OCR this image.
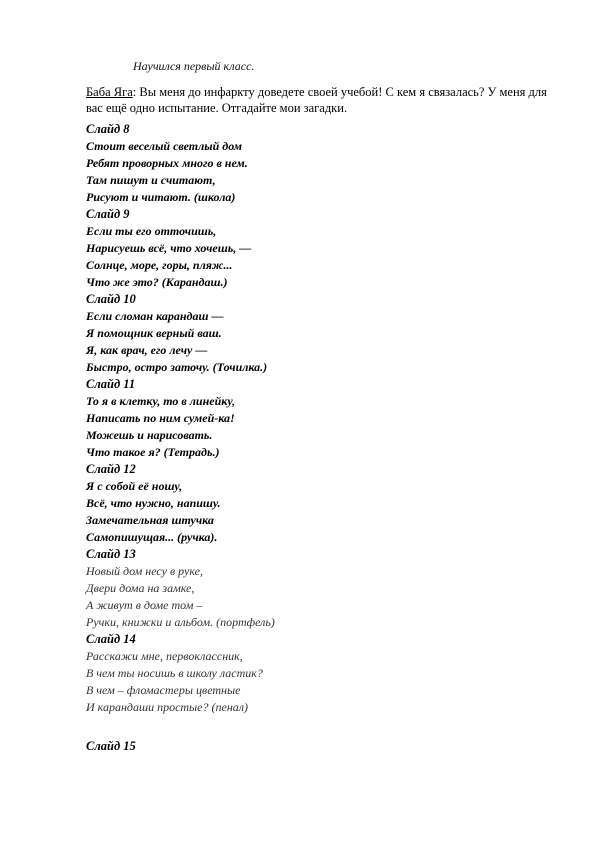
Научился первый класс.
Баба Яга: Вы меня до инфаркту доведете своей учебой! С кем я связалась? У меня для вас ещё одно испытание. Отгадайте мои загадки.
Слайд 8
Стоит веселый светлый дом
Ребят проворных много в нем.
Там пишут и считают,
Рисуют и читают. (школа)
Слайд 9
Если ты его отточишь,
Нарисуешь всё, что хочешь, —
Солнце, море, горы, пляж...
Что же это? (Карандаш.)
Слайд 10
Если сломан карандаш —
Я помощник верный ваш.
Я, как врач, его лечу —
Быстро, остро заточу. (Точилка.)
Слайд 11
То я в клетку, то в линейку,
Написать по ним сумей-ка!
Можешь и нарисовать.
Что такое я? (Тетрадь.)
Слайд 12
Я с собой её ношу,
Всё, что нужно, напишу.
Замечательная штучка
Самопишущая... (ручка).
Слайд 13
Новый дом несу в руке,
Двери дома на замке,
А живут в доме том –
Ручки, книжки и альбом. (портфель)
Слайд 14
Расскажи мне, первоклассник,
В чем ты носишь в школу ластик?
В чем – фломастеры цветные
И карандаши простые? (пенал)
Слайд 15
